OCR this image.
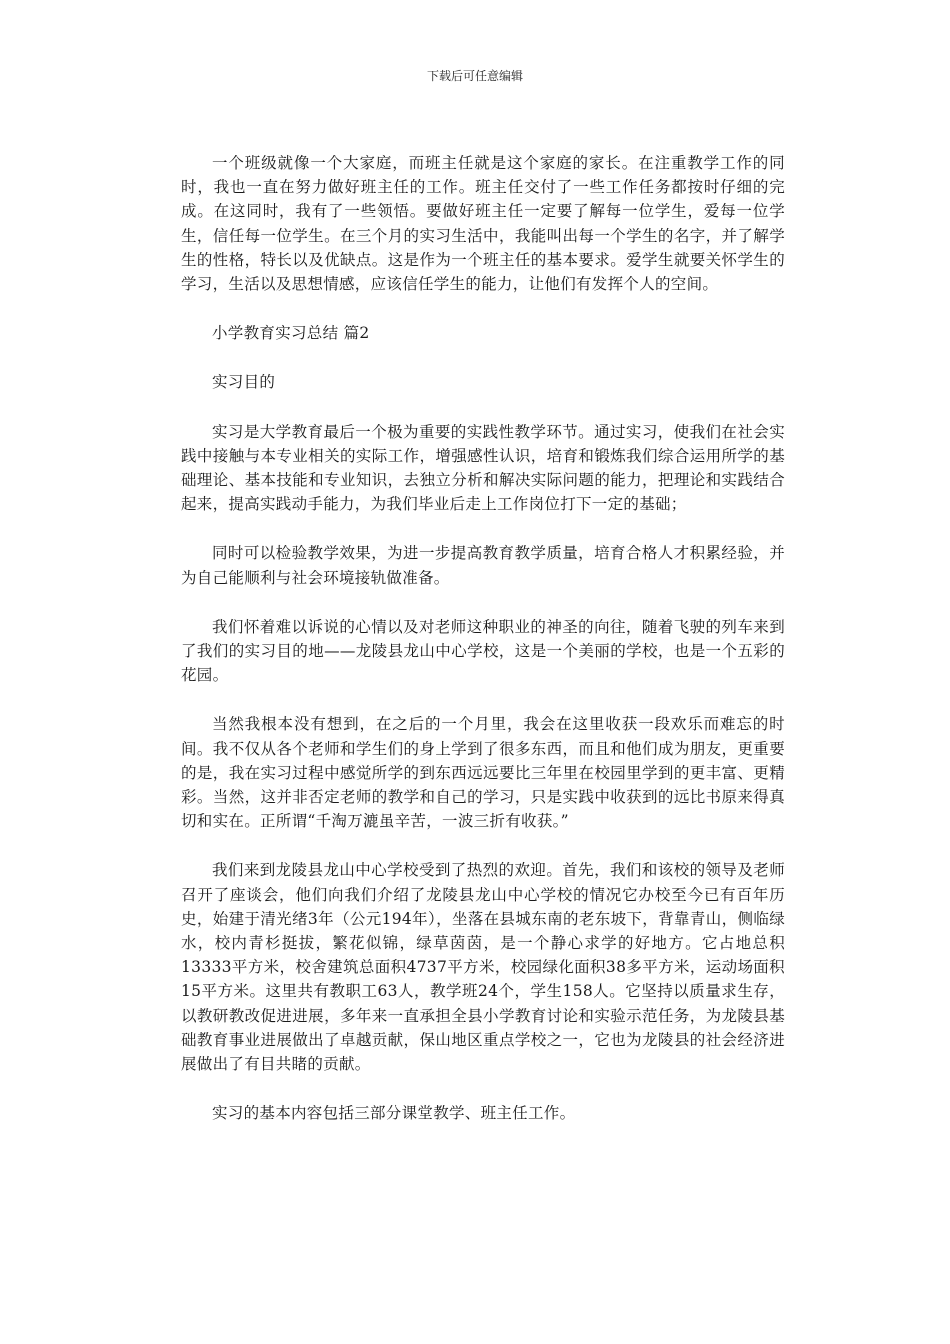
下载后可任意编辑

一个班级就像一个大家庭，而班主任就是这个家庭的家长。在注重教学工作的同时，我也一直在努力做好班主任的工作。班主任交付了一些工作任务都按时仔细的完成。在这同时，我有了一些领悟。要做好班主任一定要了解每一位学生，爱每一位学生，信任每一位学生。在三个月的实习生活中，我能叫出每一个学生的名字，并了解学生的性格，特长以及优缺点。这是作为一个班主任的基本要求。爱学生就要关怀学生的学习，生活以及思想情感，应该信任学生的能力，让他们有发挥个人的空间。

小学教育实习总结 篇2

实习目的

实习是大学教育最后一个极为重要的实践性教学环节。通过实习，使我们在社会实践中接触与本专业相关的实际工作，增强感性认识，培育和锻炼我们综合运用所学的基础理论、基本技能和专业知识，去独立分析和解决实际问题的能力，把理论和实践结合起来，提高实践动手能力，为我们毕业后走上工作岗位打下一定的基础；

同时可以检验教学效果，为进一步提高教育教学质量，培育合格人才积累经验，并为自己能顺利与社会环境接轨做准备。

我们怀着难以诉说的心情以及对老师这种职业的神圣的向往，随着飞驶的列车来到了我们的实习目的地——龙陵县龙山中心学校，这是一个美丽的学校，也是一个五彩的花园。

当然我根本没有想到，在之后的一个月里，我会在这里收获一段欢乐而难忘的时间。我不仅从各个老师和学生们的身上学到了很多东西，而且和他们成为朋友，更重要的是，我在实习过程中感觉所学的到东西远远要比三年里在校园里学到的更丰富、更精彩。当然，这并非否定老师的教学和自己的学习，只是实践中收获到的远比书原来得真切和实在。正所谓“千淘万漉虽辛苦，一波三折有收获。”

我们来到龙陵县龙山中心学校受到了热烈的欢迎。首先，我们和该校的领导及老师召开了座谈会，他们向我们介绍了龙陵县龙山中心学校的情况它办校至今已有百年历史，始建于清光绪3年（公元194年），坐落在县城东南的老东坡下，背靠青山，侧临绿水，校内青杉挺拔，繁花似锦，绿草茵茵，是一个静心求学的好地方。它占地总积13333平方米，校舍建筑总面积4737平方米，校园绿化面积38多平方米，运动场面积15平方米。这里共有教职工63人，教学班24个，学生158人。它坚持以质量求生存，以教研教改促进进展，多年来一直承担全县小学教育讨论和实验示范任务，为龙陵县基础教育事业进展做出了卓越贡献，保山地区重点学校之一，它也为龙陵县的社会经济进展做出了有目共睹的贡献。

实习的基本内容包括三部分课堂教学、班主任工作。
